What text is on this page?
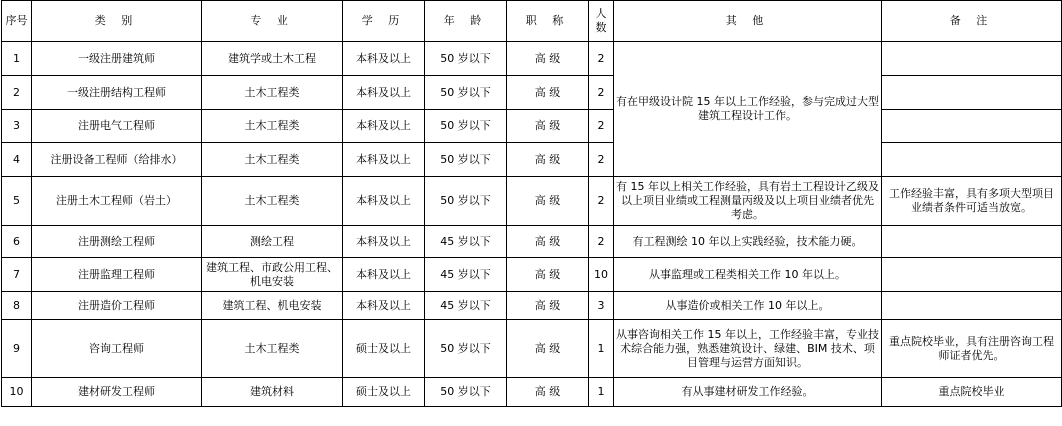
序号	类 别	专 业	学 历	年 龄	职 称	人数	其 他	备 注
1	一级注册建筑师	建筑学或土木工程	本科及以上	50 岁以下	高 级	2	有在甲级设计院 15 年以上工作经验，参与完成过大型建筑工程设计工作。	
2	一级注册结构工程师	土木工程类	本科及以上	50 岁以下	高 级	2		
3	注册电气工程师	土木工程类	本科及以上	50 岁以下	高 级	2		
4	注册设备工程师（给排水）	土木工程类	本科及以上	50 岁以下	高 级	2		
5	注册土木工程师（岩土）	土木工程类	本科及以上	50 岁以下	高 级	2	有 15 年以上相关工作经验，具有岩土工程设计乙级及以上项目业绩或工程测量丙级及以上项目业绩者优先考虑。	工作经验丰富，具有多项大型项目业绩者条件可适当放宽。
6	注册测绘工程师	测绘工程	本科及以上	45 岁以下	高 级	2	有工程测绘 10 年以上实践经验，技术能力硬。	
7	注册监理工程师	建筑工程、市政公用工程、机电安装	本科及以上	45 岁以下	高 级	10	从事监理或工程类相关工作 10 年以上。	
8	注册造价工程师	建筑工程、机电安装	本科及以上	45 岁以下	高 级	3	从事造价或相关工作 10 年以上。	
9	咨询工程师	土木工程类	硕士及以上	50 岁以下	高 级	1	从事咨询相关工作 15 年以上，工作经验丰富，专业技术综合能力强，熟悉建筑设计、绿建、BIM 技术、项目管理与运营方面知识。	重点院校毕业，具有注册咨询工程师证者优先。
10	建材研发工程师	建筑材料	硕士及以上	50 岁以下	高 级	1	有从事建材研发工作经验。	重点院校毕业
